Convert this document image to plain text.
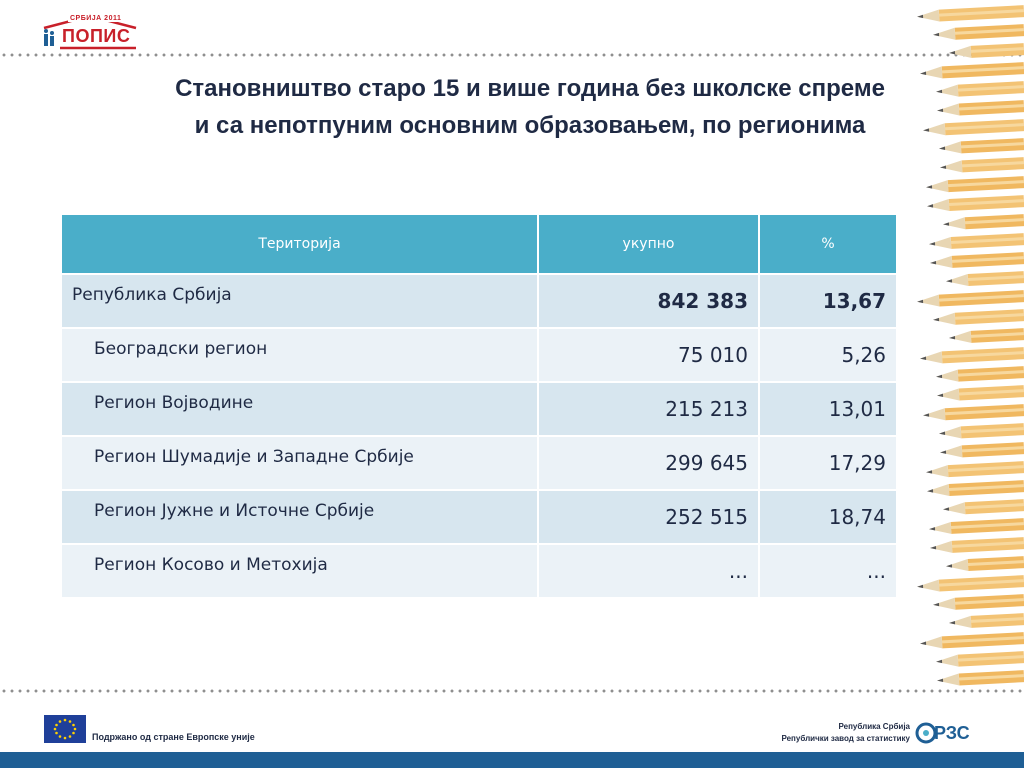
СРБИЈА 2011
ПОПИС
Становништво старо 15 и више година без школске спреме
и са непотпуним основним образовањем, по регионима
Територија	укупно	%
Република Србија	842 383	13,67
Београдски регион	75 010	5,26
Регион Војводине	215 213	13,01
Регион Шумадије и Западне Србије	299 645	17,29
Регион Јужне и Источне Србије	252 515	18,74
Регион Косово и Метохија	...	...
Подржано од стране Европске уније
Република Србија
Републички завод за статистику РЗС
